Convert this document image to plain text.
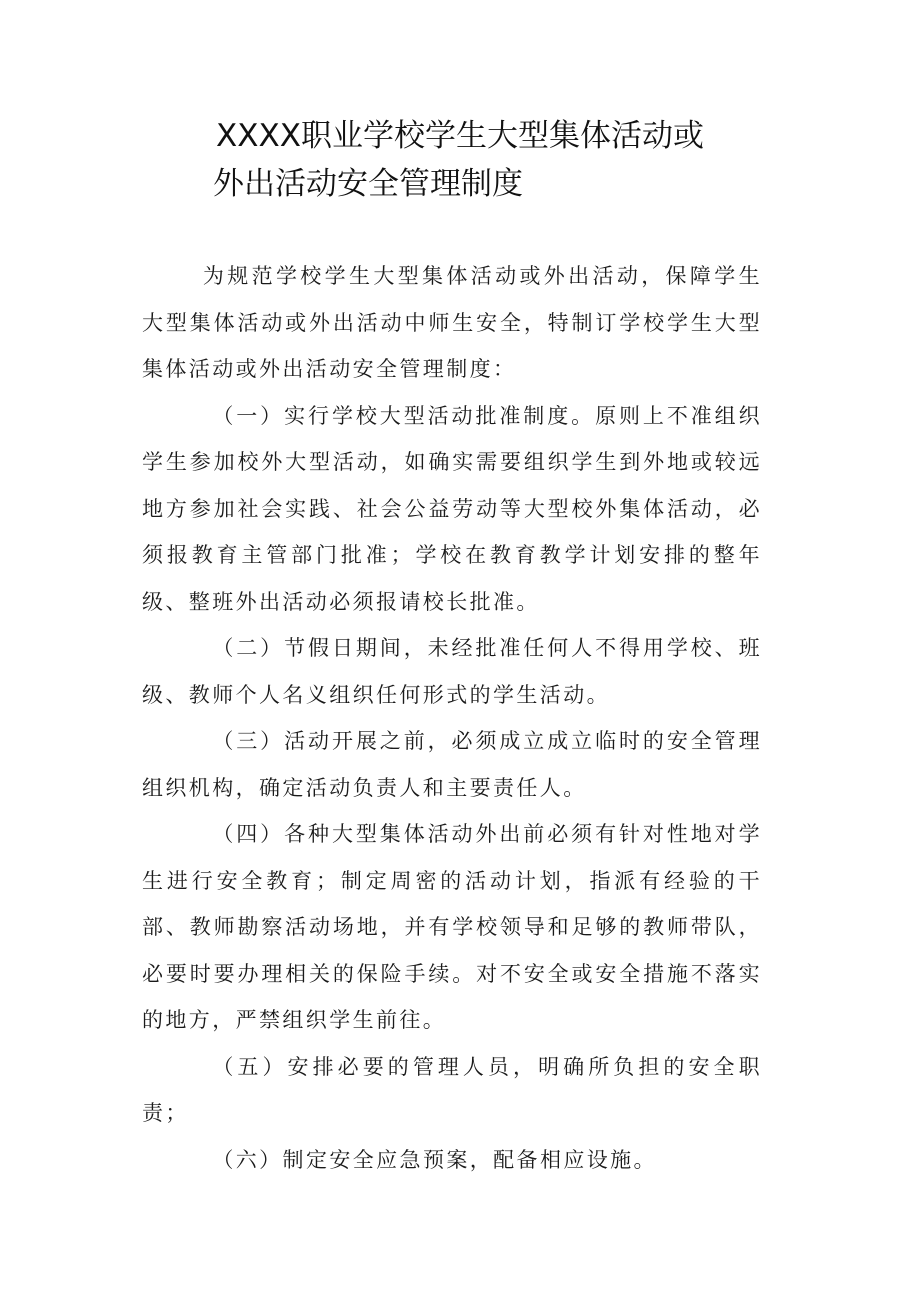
XXXX职业学校学生大型集体活动或
外出活动安全管理制度

为规范学校学生大型集体活动或外出活动，保障学生大型集体活动或外出活动中师生安全，特制订学校学生大型集体活动或外出活动安全管理制度：

（一）实行学校大型活动批准制度。原则上不准组织学生参加校外大型活动，如确实需要组织学生到外地或较远地方参加社会实践、社会公益劳动等大型校外集体活动，必须报教育主管部门批准；学校在教育教学计划安排的整年级、整班外出活动必须报请校长批准。

（二）节假日期间，未经批准任何人不得用学校、班级、教师个人名义组织任何形式的学生活动。

（三）活动开展之前，必须成立成立临时的安全管理组织机构，确定活动负责人和主要责任人。

（四）各种大型集体活动外出前必须有针对性地对学生进行安全教育；制定周密的活动计划，指派有经验的干部、教师勘察活动场地，并有学校领导和足够的教师带队，必要时要办理相关的保险手续。对不安全或安全措施不落实的地方，严禁组织学生前往。

（五）安排必要的管理人员，明确所负担的安全职责；

（六）制定安全应急预案，配备相应设施。
